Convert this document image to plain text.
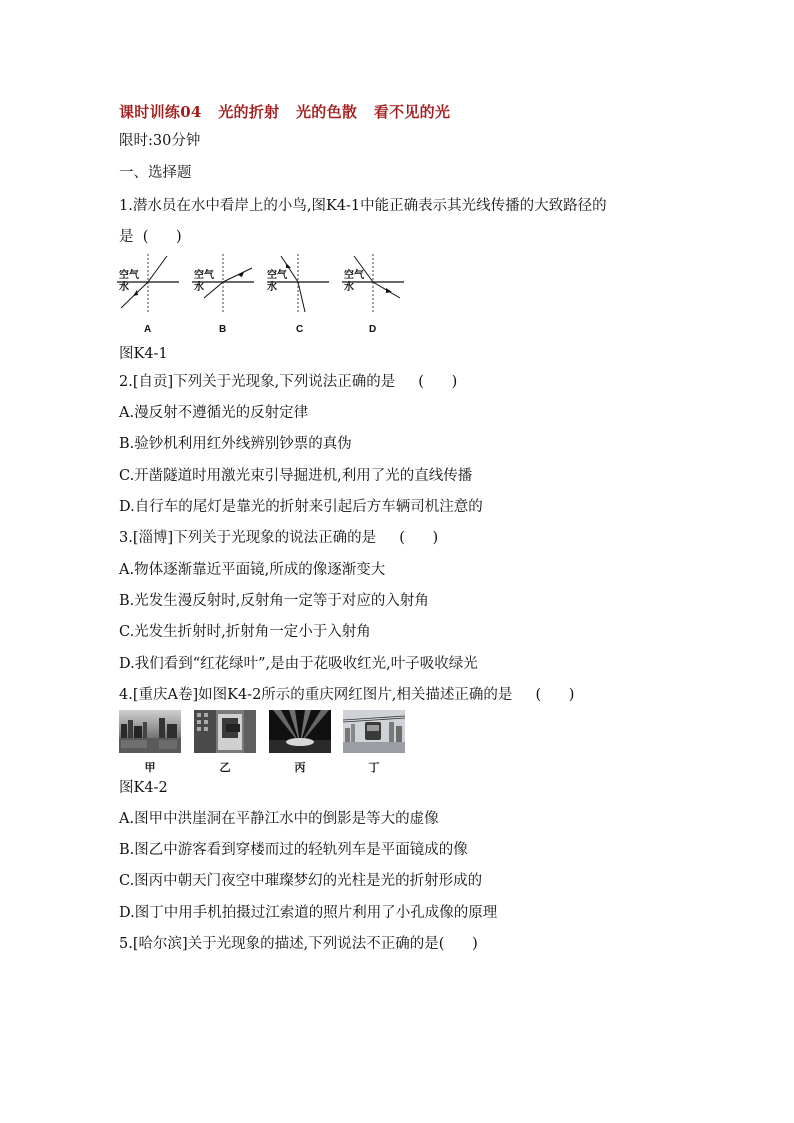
课时训练04   光的折射   光的色散   看不见的光
限时:30分钟
一、选择题
1.潜水员在水中看岸上的小鸟,图K4-1中能正确表示其光线传播的大致路径的
是  (      )
空气
水
A
空气
水
B
空气
水
C
空气
水
D
图K4-1
2.[自贡]下列关于光现象,下列说法正确的是     (      )
A.漫反射不遵循光的反射定律
B.验钞机利用红外线辨别钞票的真伪
C.开凿隧道时用激光束引导掘进机,利用了光的直线传播
D.自行车的尾灯是靠光的折射来引起后方车辆司机注意的
3.[淄博]下列关于光现象的说法正确的是     (      )
A.物体逐渐靠近平面镜,所成的像逐渐变大
B.光发生漫反射时,反射角一定等于对应的入射角
C.光发生折射时,折射角一定小于入射角
D.我们看到“红花绿叶”,是由于花吸收红光,叶子吸收绿光
4.[重庆A卷]如图K4-2所示的重庆网红图片,相关描述正确的是     (      )
甲	乙	丙	丁
图K4-2
A.图甲中洪崖洞在平静江水中的倒影是等大的虚像
B.图乙中游客看到穿楼而过的轻轨列车是平面镜成的像
C.图丙中朝天门夜空中璀璨梦幻的光柱是光的折射形成的
D.图丁中用手机拍摄过江索道的照片利用了小孔成像的原理
5.[哈尔滨]关于光现象的描述,下列说法不正确的是(      )
